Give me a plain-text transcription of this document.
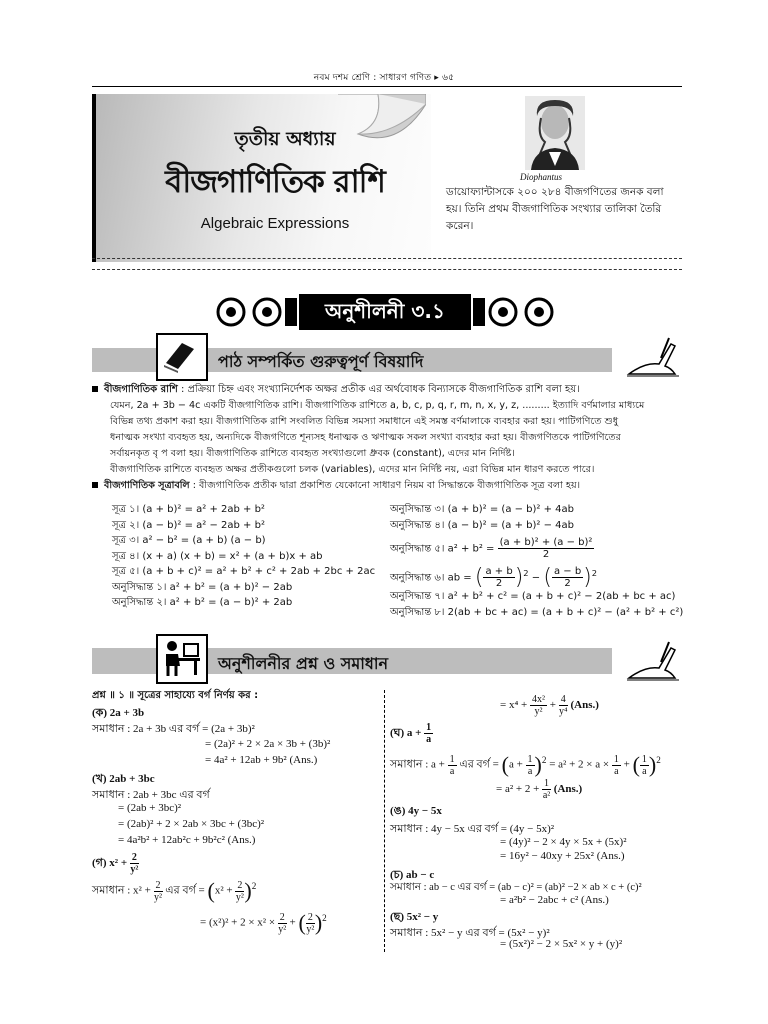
নবম দশম শ্রেণি : সাধারণ গণিত ▸ ৬৫
তৃতীয় অধ্যায়
বীজগাণিতিক রাশি
Algebraic Expressions
Diophantus
ডায়োফ্যান্টাসকে ২০০ ২৮৪ বীজগণিতের জনক বলা হয়। তিনি প্রথম বীজগাণিতিক সংখ্যার তালিকা তৈরি করেন।
অনুশীলনী ৩.১
পাঠ সম্পর্কিত গুরুত্বপূর্ণ বিষয়াদি
বীজগাণিতিক রাশি : প্রক্রিয়া চিহ্ন এবং সংখ্যানির্দেশক অক্ষর প্রতীক এর অর্থবোধক বিন্যাসকে বীজগাণিতিক রাশি বলা হয়।
যেমন, 2a + 3b − 4c একটি বীজগাণিতিক রাশি। বীজগাণিতিক রাশিতে a, b, c, p, q, r, m, n, x, y, z, ......... ইত্যাদি বর্ণমালার মাধ্যমে
বিভিন্ন তথ্য প্রকাশ করা হয়। বীজগাণিতিক রাশি সংবলিত বিভিন্ন সমস্যা সমাধানে এই সমস্ত বর্ণমালাকে ব্যবহার করা হয়। পাটিগণিতে শুধু
ধনাত্মক সংখ্যা ব্যবহৃত হয়, অন্যদিকে বীজগণিতে শূন্যসহ ধনাত্মক ও ঋণাত্মক সকল সংখ্যা ব্যবহার করা হয়। বীজগণিতকে পাটিগণিতের
সর্বায়নকৃত বৃ প বলা হয়। বীজগাণিতিক রাশিতে ব্যবহৃত সংখ্যাগুলো ধ্রুবক (constant), এদের মান নির্দিষ্ট।
বীজগাণিতিক রাশিতে ব্যবহৃত অক্ষর প্রতীকগুলো চলক (variables), এদের মান নির্দিষ্ট নয়, এরা বিভিন্ন মান ধারণ করতে পারে।
বীজগাণিতিক সূত্রাবলি : বীজগাণিতিক প্রতীক দ্বারা প্রকাশিত যেকোনো সাধারণ নিয়ম বা সিদ্ধান্তকে বীজগাণিতিক সূত্র বলা হয়।
সূত্র ১। (a + b)² = a² + 2ab + b²
সূত্র ২। (a − b)² = a² − 2ab + b²
সূত্র ৩। a² − b² = (a + b) (a − b)
সূত্র ৪। (x + a) (x + b) = x² + (a + b)x + ab
সূত্র ৫। (a + b + c)² = a² + b² + c² + 2ab + 2bc + 2ac
অনুসিদ্ধান্ত ১। a² + b² = (a + b)² − 2ab
অনুসিদ্ধান্ত ২। a² + b² = (a − b)² + 2ab
অনুসিদ্ধান্ত ৩। (a + b)² = (a − b)² + 4ab
অনুসিদ্ধান্ত ৪। (a − b)² = (a + b)² − 4ab
অনুসিদ্ধান্ত ৫। $a^2 + b^2 = \frac{\text{(a + b)² + (a − b)²}}{2}$
অনুসিদ্ধান্ত ৬। ab = ( $\frac{a + b}{2} )^2$ − ( $\frac{a - b}{2} )^2$
অনুসিদ্ধান্ত ৭। a² + b² + c² = (a + b + c)² − 2(ab + bc + ac)
অনুসিদ্ধান্ত ৮। 2(ab + bc + ac) = (a + b + c)² − (a² + b² + c²)
অনুশীলনীর প্রশ্ন ও সমাধান
প্রশ্ন ॥ ১ ॥ সূত্রের সাহায্যে বর্গ নির্ণয় কর :
(ক) 2a + 3b
সমাধান : 2a + 3b এর বর্গ = (2a + 3b)²
= (2a)² + 2 × 2a × 3b + (3b)²
= 4a² + 12ab + 9b² (Ans.)
(খ) 2ab + 3bc
সমাধান : 2ab + 3bc এর বর্গ
= (2ab + 3bc)²
= (2ab)² + 2 × 2ab × 3bc + (3bc)²
= 4a²b² + 12ab²c + 9b²c² (Ans.)
(গ) $x^2 + \frac{2}{\text{y²}}$
সমাধান : $x^2 + \frac{2}{\text{y²}}$ এর বর্গ = $(x^2 + \frac{2}{\text{y²}} )^2$
= $(x^2)^2 + 2 \times x^2 \times \frac{2}{\text{y²}}$ + ( $\frac{2}{\text{y²}} )^2$
= $x^4 + \frac{\text{4x²}}{\text{y²}} + \frac{4}{\text{y⁴}} (Ans.)$
(ঘ) $a + \frac{1}{a}$
সমাধান : $a + \frac{1}{a}$ এর বর্গ = $(a + \frac{1}{a} )^2 = a^2 + 2 \times a \times \frac{1}{a}$ + ( $\frac{1}{a} )^2$
= $a^2 + 2 + \frac{1}{\text{a²}} (Ans.)$
(ঙ) 4y − 5x
সমাধান : 4y − 5x এর বর্গ = (4y − 5x)²
= (4y)² − 2 × 4y × 5x + (5x)²
= 16y² − 40xy + 25x² (Ans.)
(চ) ab − c
সমাধান : ab − c এর বর্গ = (ab − c)² = (ab)² −2 × ab × c + (c)²
= a²b² − 2abc + c² (Ans.)
(ছ) 5x² − y
সমাধান : 5x² − y এর বর্গ = (5x² − y)²
= (5x²)² − 2 × 5x² × y + (y)²
